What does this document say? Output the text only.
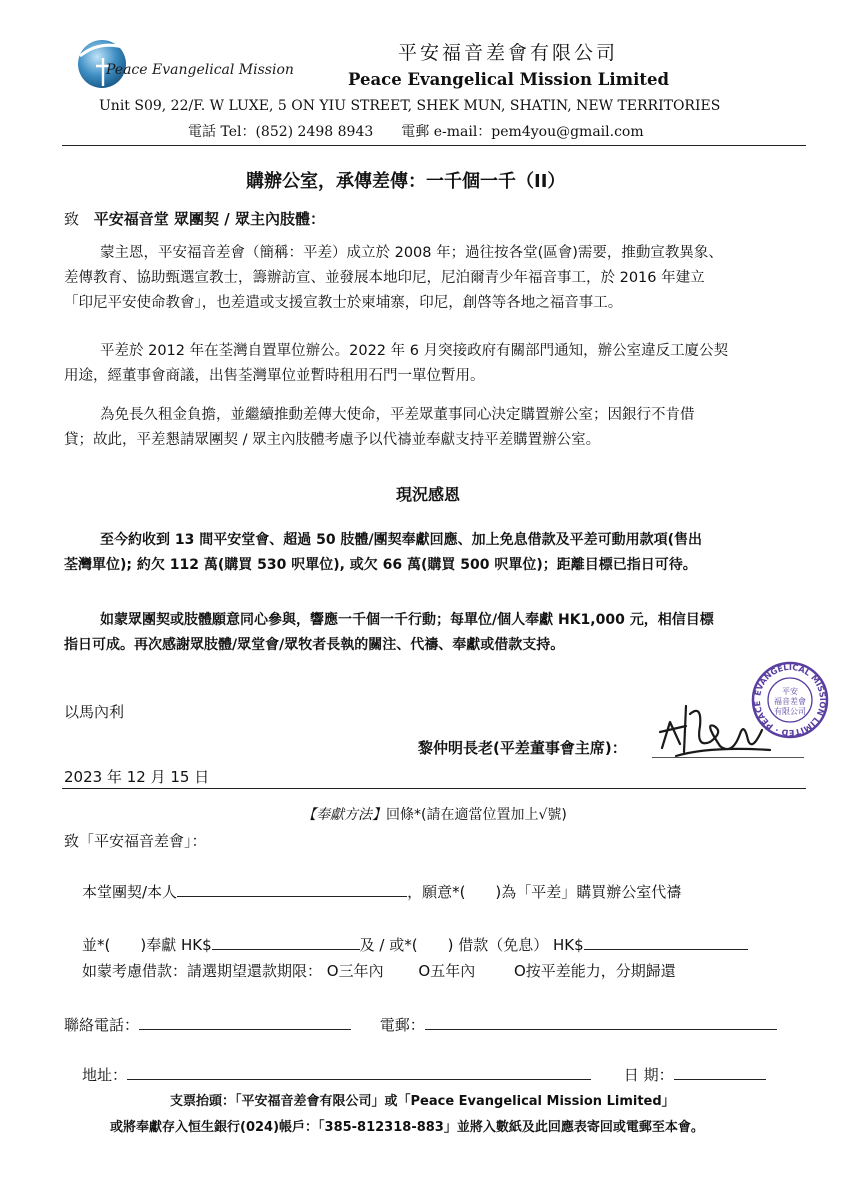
Peace Evangelical Mission
平安福音差會有限公司
Peace Evangelical Mission Limited
Unit S09, 22/F. W LUXE, 5 ON YIU STREET, SHEK MUN, SHATIN, NEW TERRITORIES
電話 Tel：(852) 2498 8943　　電郵 e-mail：pem4you@gmail.com
購辦公室，承傳差傳：一千個一千（II）
致 平安福音堂 眾團契 / 眾主內肢體：
蒙主恩，平安福音差會（簡稱：平差）成立於 2008 年；過往按各堂(區會)需要，推動宣教異象、
差傳教育、協助甄選宣教士，籌辦訪宣、並發展本地印尼，尼泊爾青少年福音事工，於 2016 年建立
「印尼平安使命教會」，也差遣或支援宣教士於柬埔寨，印尼，創啓等各地之福音事工。
平差於 2012 年在荃灣自置單位辦公。2022 年 6 月突接政府有關部門通知，辦公室違反工廈公契
用途，經董事會商議，出售荃灣單位並暫時租用石門一單位暫用。
為免長久租金負擔，並繼續推動差傳大使命，平差眾董事同心決定購置辦公室；因銀行不肯借
貸；故此，平差懇請眾團契 / 眾主內肢體考慮予以代禱並奉獻支持平差購置辦公室。
現況感恩
至今約收到 13 間平安堂會、超過 50 肢體/團契奉獻回應、加上免息借款及平差可動用款項(售出
荃灣單位); 約欠 112 萬(購買 530 呎單位), 或欠 66 萬(購買 500 呎單位)；距離目標已指日可待。
如蒙眾團契或肢體願意同心參與，響應一千個一千行動；每單位/個人奉獻 HK1,000 元，相信目標
指日可成。再次感謝眾肢體/眾堂會/眾牧者長執的關注、代禱、奉獻或借款支持。
以馬內利
黎仲明長老(平差董事會主席)：
EVANGELICAL MISSION LIMITED · PEACE
平安
福音差會
有限公司
2023 年 12 月 15 日
【奉獻方法】回條*(請在適當位置加上√號)
致「平安福音差會」：
本堂團契/本人	，願意*(　　)為「平差」購買辦公室代禱
並*(　　)奉獻 HK$	及 / 或*(　　) 借款（免息） HK$
如蒙考慮借款：請選期望還款期限： O三年內 O五年內	O按平差能力，分期歸還
聯絡電話：	電郵：
地址：	日 期：
支票抬頭：「平安福音差會有限公司」或「Peace Evangelical Mission Limited」
或將奉獻存入恒生銀行(024)帳戶：「385-812318-883」並將入數紙及此回應表寄回或電郵至本會。
